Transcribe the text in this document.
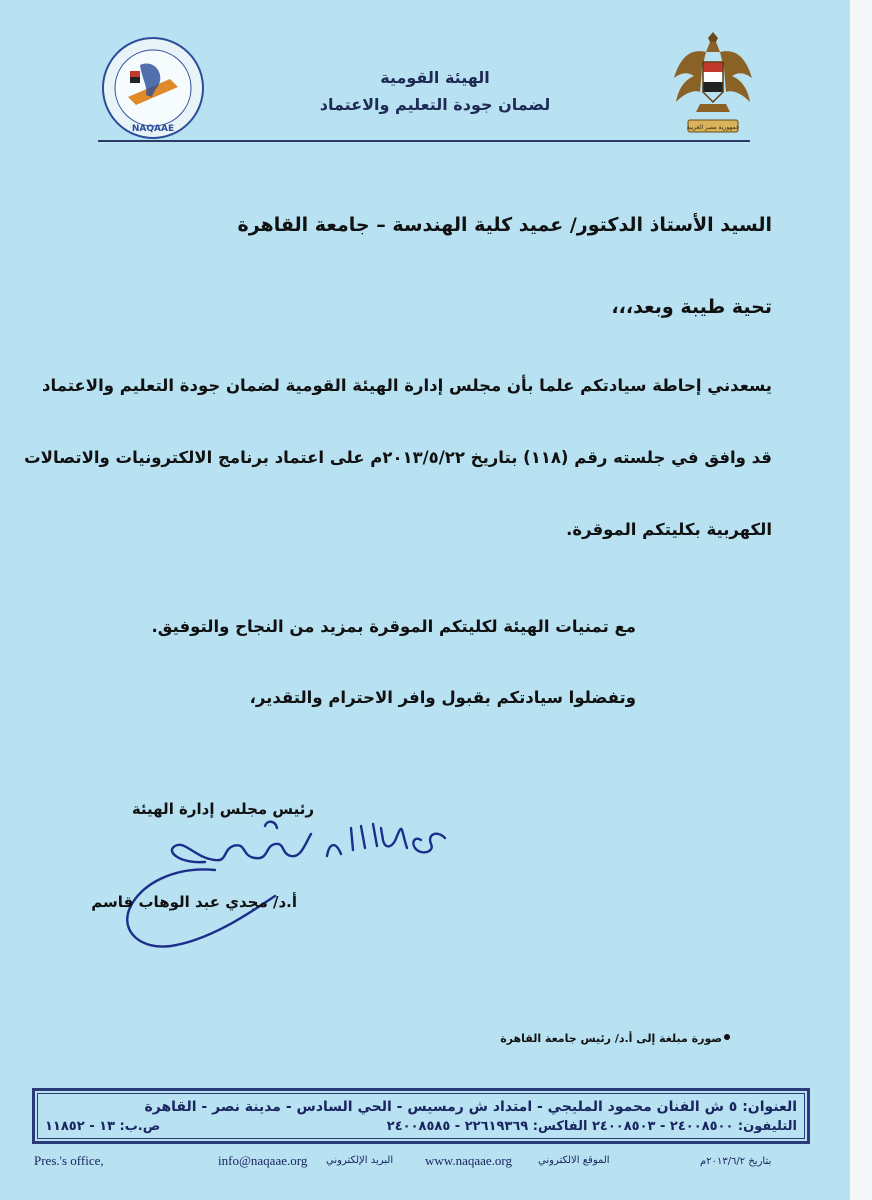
جمهورية مصر العربية
NAQAAE
الهيئة القومية
لضمان جودة التعليم والاعتماد
السيد الأستاذ الدكتور/ عميد كلية الهندسة – جامعة القاهرة
تحية طيبة وبعد،،،
يسعدني إحاطة سيادتكم علما بأن مجلس إدارة الهيئة القومية لضمان جودة التعليم والاعتماد
قد وافق في جلسته رقم (١١٨) بتاريخ ٢٠١٣/٥/٢٢م على اعتماد برنامج الالكترونيات والاتصالات
الكهربية بكليتكم الموقرة.
مع تمنيات الهيئة لكليتكم الموقرة بمزيد من النجاح والتوفيق.
وتفضلوا سيادتكم بقبول وافر الاحترام والتقدير،
رئيس مجلس إدارة الهيئة
أ.د/ مجدي عبد الوهاب قاسم
صورة مبلغة إلى أ.د/ رئيس جامعة القاهرة
العنوان: ٥ ش الفنان محمود المليجي - امتداد ش رمسيس - الحي السادس - مدينة نصر - القاهرة
التليفون: ٢٤٠٠٨٥٠٠ - ٢٤٠٠٨٥٠٣ الفاكس: ٢٢٦١٩٣٦٩ - ٢٤٠٠٨٥٨٥
ص.ب: ١٣ - ١١٨٥٢
Pres.'s office,	info@naqaae.org البريد الإلكتروني www.naqaae.org	الموقع الالكتروني	بتاريخ ٢٠١٣/٦/٢م
